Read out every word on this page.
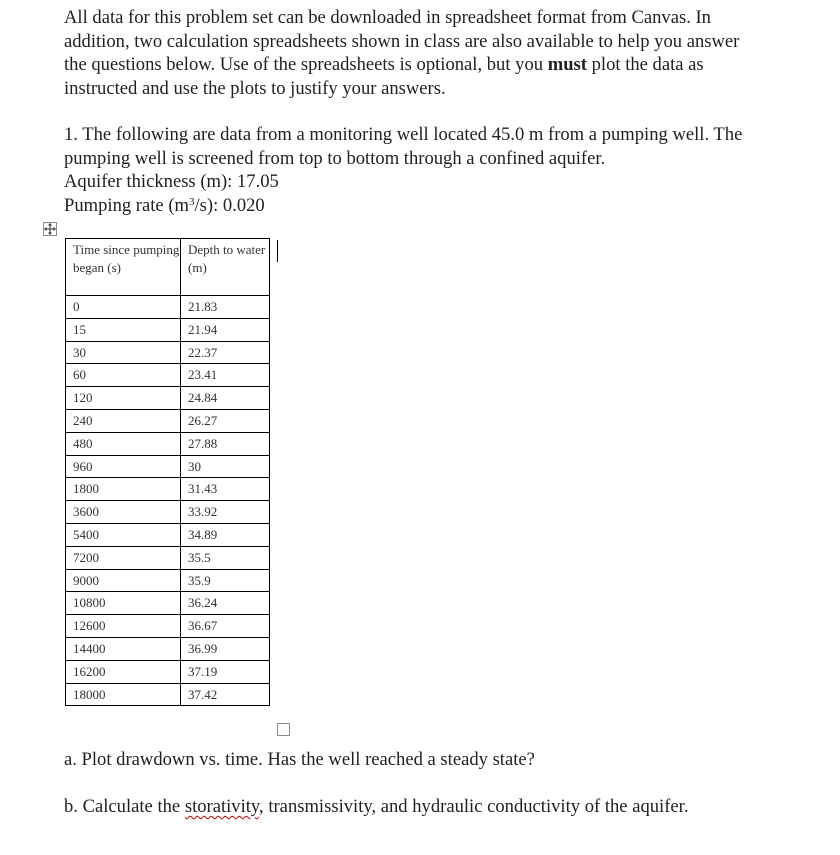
All data for this problem set can be downloaded in spreadsheet format from Canvas. In
addition, two calculation spreadsheets shown in class are also available to help you answer
the questions below. Use of the spreadsheets is optional, but you must plot the data as
instructed and use the plots to justify your answers.

1. The following are data from a monitoring well located 45.0 m from a pumping well. The
pumping well is screened from top to bottom through a confined aquifer.
Aquifer thickness (m): 17.05
Pumping rate $(m^3/s)$: 0.020

Time since pumping began (s)	Depth to water (m)
0	21.83
15	21.94
30	22.37
60	23.41
120	24.84
240	26.27
480	27.88
960	30
1800	31.43
3600	33.92
5400	34.89
7200	35.5
9000	35.9
10800	36.24
12600	36.67
14400	36.99
16200	37.19
18000	37.42
a. Plot drawdown vs. time. Has the well reached a steady state?
b. Calculate the storativity, transmissivity, and hydraulic conductivity of the aquifer.
